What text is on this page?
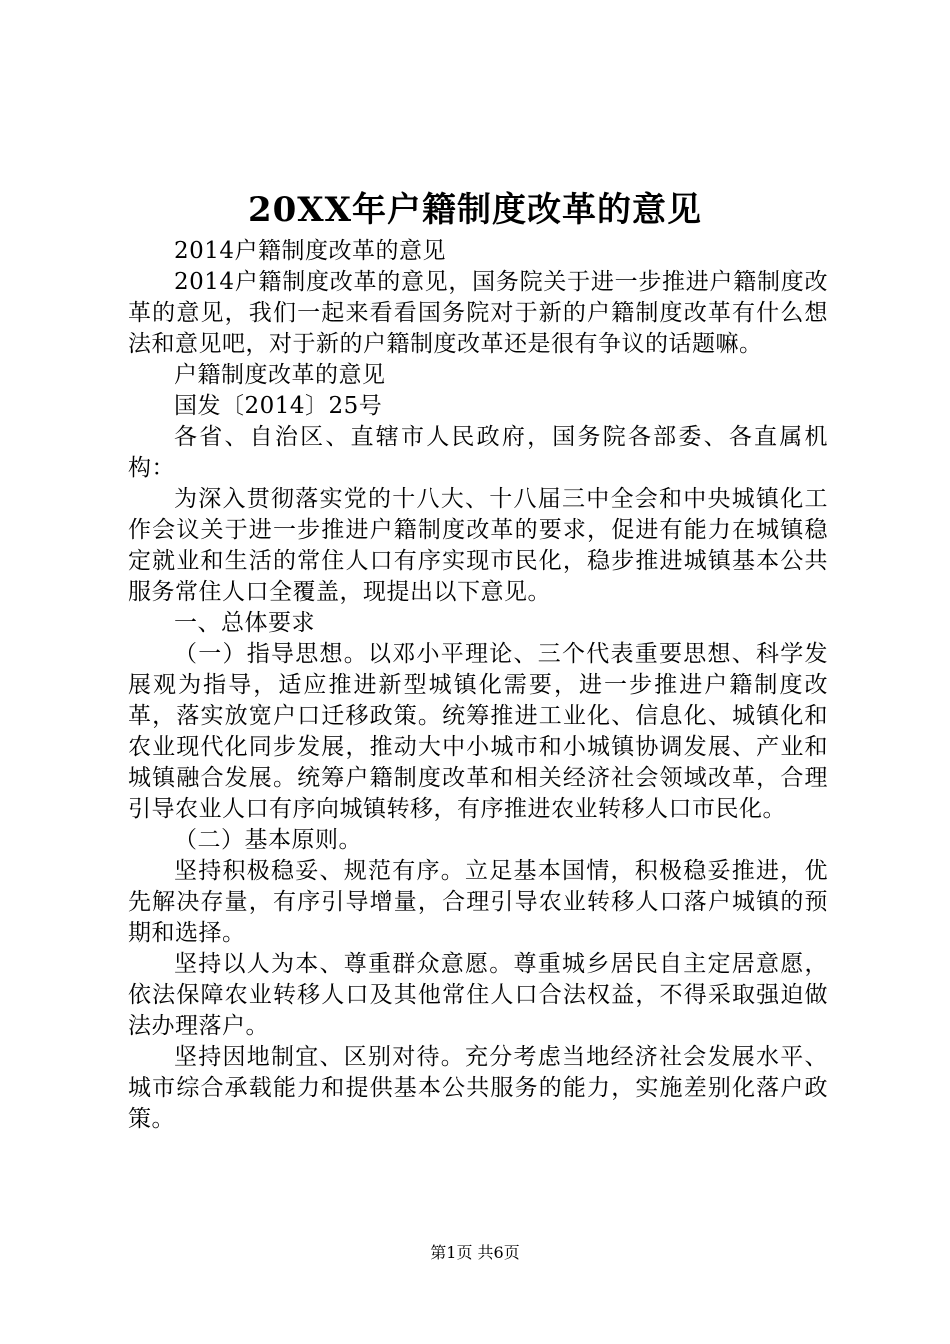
20XX年户籍制度改革的意见

2014户籍制度改革的意见

2014户籍制度改革的意见，国务院关于进一步推进户籍制度改革的意见，我们一起来看看国务院对于新的户籍制度改革有什么想法和意见吧，对于新的户籍制度改革还是很有争议的话题嘛。

户籍制度改革的意见

国发〔2014〕25号

各省、自治区、直辖市人民政府，国务院各部委、各直属机构：

为深入贯彻落实党的十八大、十八届三中全会和中央城镇化工作会议关于进一步推进户籍制度改革的要求，促进有能力在城镇稳定就业和生活的常住人口有序实现市民化，稳步推进城镇基本公共服务常住人口全覆盖，现提出以下意见。

一、总体要求

（一）指导思想。以邓小平理论、三个代表重要思想、科学发展观为指导，适应推进新型城镇化需要，进一步推进户籍制度改革，落实放宽户口迁移政策。统筹推进工业化、信息化、城镇化和农业现代化同步发展，推动大中小城市和小城镇协调发展、产业和城镇融合发展。统筹户籍制度改革和相关经济社会领域改革，合理引导农业人口有序向城镇转移，有序推进农业转移人口市民化。

（二）基本原则。

坚持积极稳妥、规范有序。立足基本国情，积极稳妥推进，优先解决存量，有序引导增量，合理引导农业转移人口落户城镇的预期和选择。

坚持以人为本、尊重群众意愿。尊重城乡居民自主定居意愿，依法保障农业转移人口及其他常住人口合法权益，不得采取强迫做法办理落户。

坚持因地制宜、区别对待。充分考虑当地经济社会发展水平、城市综合承载能力和提供基本公共服务的能力，实施差别化落户政策。

第1页 共6页
